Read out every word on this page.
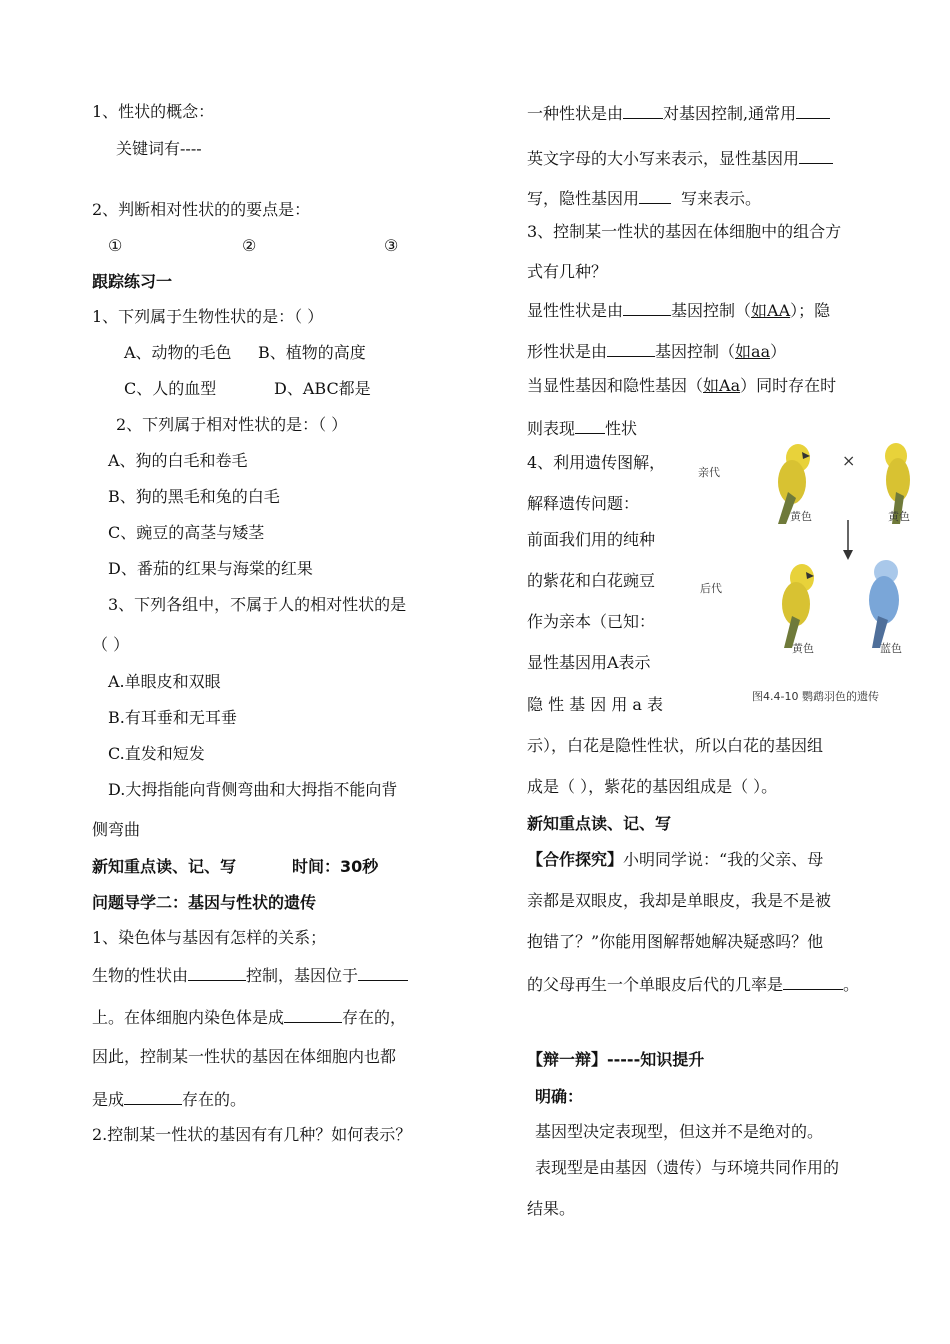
1、性状的概念：
关键词有----
2、判断相对性状的的要点是：
①	②	③
跟踪练习一
1、下列属于生物性状的是：（ ）
A、动物的毛色 B、植物的高度
C、人的血型	D、ABC都是
2、下列属于相对性状的是：（ ）
A、狗的白毛和卷毛
B、狗的黑毛和兔的白毛
C、豌豆的高茎与矮茎
D、番茄的红果与海棠的红果
3、下列各组中，不属于人的相对性状的是
（ ）
A.单眼皮和双眼
B.有耳垂和无耳垂
C.直发和短发
D.大拇指能向背侧弯曲和大拇指不能向背
侧弯曲
新知重点读、记、写	时间：30秒
问题导学二：基因与性状的遗传
1、染色体与基因有怎样的关系；
生物的性状由	控制，基因位于
上。在体细胞内染色体是成	存在的，
因此，控制某一性状的基因在体细胞内也都
是成	存在的。
2.控制某一性状的基因有有几种？如何表示？
一种性状是由	对基因控制,通常用
英文字母的大小写来表示，显性基因用
写，隐性基因用	写来表示。
3、控制某一性状的基因在体细胞中的组合方
式有几种？
显性性状是由	基因控制（如AA）；隐
形性状是由	基因控制（如aa）
当显性基因和隐性基因（如Aa）同时存在时
则表现 性状
4、利用遗传图解，
解释遗传问题：
前面我们用的纯种
的紫花和白花豌豆
作为亲本（已知：
显性基因用A表示
隐 性 基 因 用 a 表
示），白花是隐性性状，所以白花的基因组
成是（ ），紫花的基因组成是（ ）。
新知重点读、记、写
【合作探究】小明同学说：“我的父亲、母
亲都是双眼皮，我却是单眼皮，我是不是被
抱错了？”你能用图解帮她解决疑惑吗？他
的父母再生一个单眼皮后代的几率是	。
【辩一辩】-----知识提升
明确：
基因型决定表现型，但这并不是绝对的。
表现型是由基因（遗传）与环境共同作用的
结果。
亲代
×
后代
黄色	黄色
黄色	蓝色
图4.4-10 鹦鹉羽色的遗传
